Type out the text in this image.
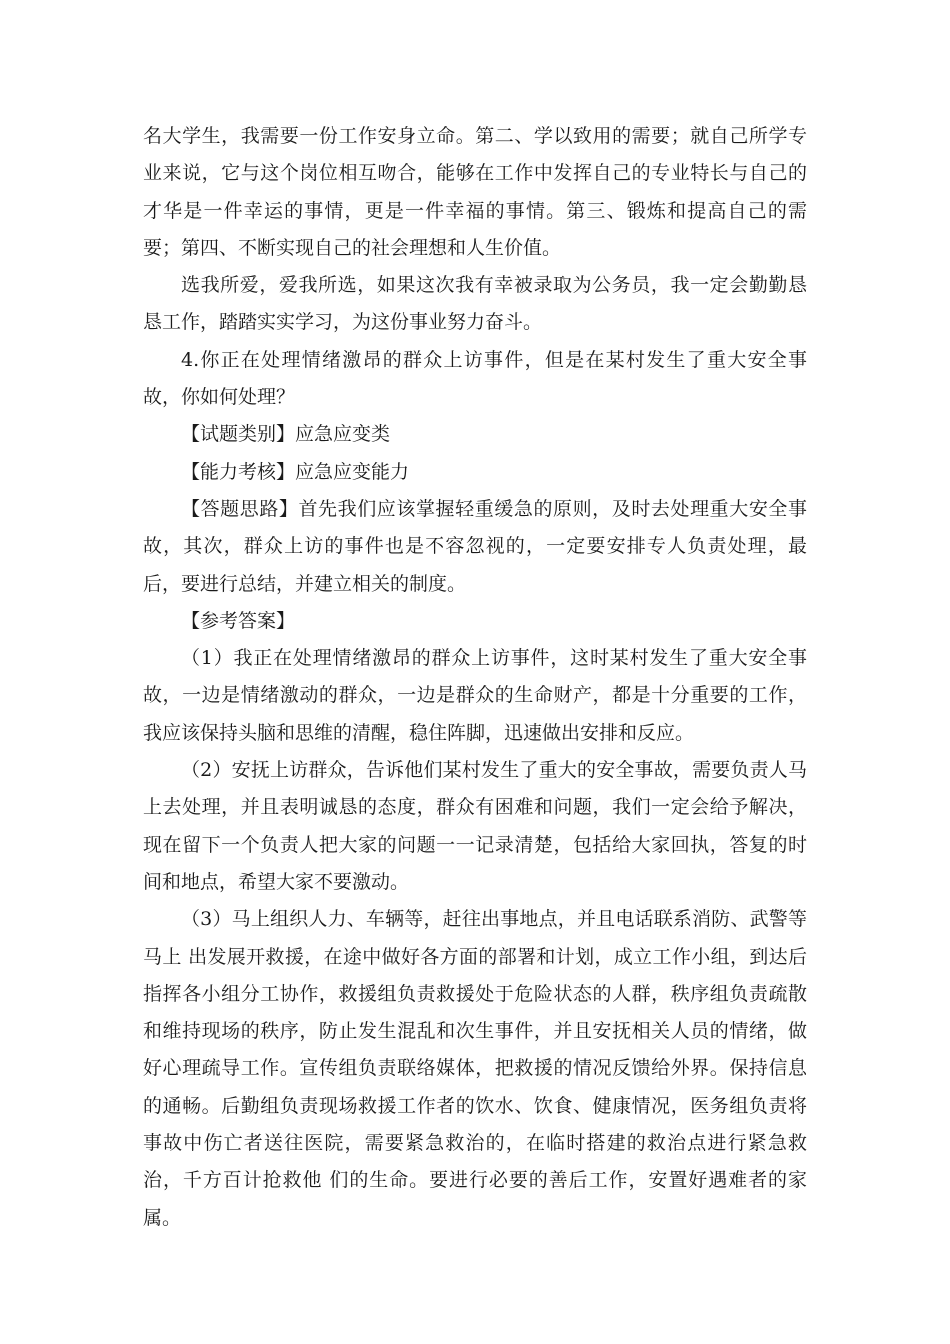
名大学生，我需要一份工作安身立命。第二、学以致用的需要；就自己所学专业来说，它与这个岗位相互吻合，能够在工作中发挥自己的专业特长与自己的才华是一件幸运的事情，更是一件幸福的事情。第三、锻炼和提高自己的需要；第四、不断实现自己的社会理想和人生价值。

选我所爱，爱我所选，如果这次我有幸被录取为公务员，我一定会勤勤恳恳工作，踏踏实实学习，为这份事业努力奋斗。

4.你正在处理情绪激昂的群众上访事件，但是在某村发生了重大安全事故，你如何处理？

【试题类别】应急应变类

【能力考核】应急应变能力

【答题思路】首先我们应该掌握轻重缓急的原则，及时去处理重大安全事故，其次，群众上访的事件也是不容忽视的，一定要安排专人负责处理，最后，要进行总结，并建立相关的制度。

【参考答案】

（1）我正在处理情绪激昂的群众上访事件，这时某村发生了重大安全事故，一边是情绪激动的群众，一边是群众的生命财产，都是十分重要的工作，我应该保持头脑和思维的清醒，稳住阵脚，迅速做出安排和反应。

（2）安抚上访群众，告诉他们某村发生了重大的安全事故，需要负责人马上去处理，并且表明诚恳的态度，群众有困难和问题，我们一定会给予解决，现在留下一个负责人把大家的问题一一记录清楚，包括给大家回执，答复的时间和地点，希望大家不要激动。

（3）马上组织人力、车辆等，赶往出事地点，并且电话联系消防、武警等马上 出发展开救援，在途中做好各方面的部署和计划，成立工作小组，到达后指挥各小组分工协作，救援组负责救援处于危险状态的人群，秩序组负责疏散和维持现场的秩序，防止发生混乱和次生事件，并且安抚相关人员的情绪，做好心理疏导工作。宣传组负责联络媒体，把救援的情况反馈给外界。保持信息的通畅。后勤组负责现场救援工作者的饮水、饮食、健康情况，医务组负责将事故中伤亡者送往医院，需要紧急救治的，在临时搭建的救治点进行紧急救治，千方百计抢救他 们的生命。要进行必要的善后工作，安置好遇难者的家属。
